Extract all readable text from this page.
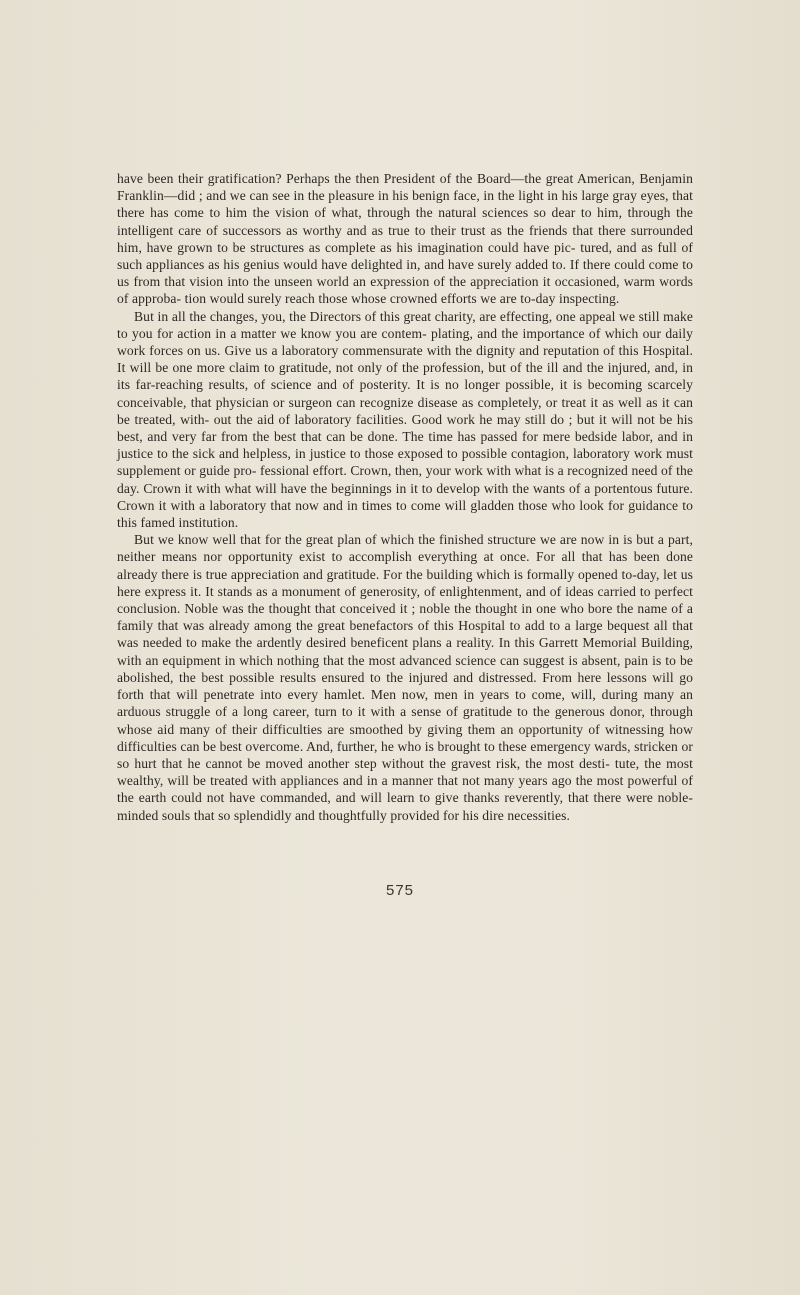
have been their gratification? Perhaps the then President of the Board—the great American, Benjamin Franklin—did ; and we can see in the pleasure in his benign face, in the light in his large gray eyes, that there has come to him the vision of what, through the natural sciences so dear to him, through the intelligent care of successors as worthy and as true to their trust as the friends that there surrounded him, have grown to be structures as complete as his imagination could have pic- tured, and as full of such appliances as his genius would have delighted in, and have surely added to. If there could come to us from that vision into the unseen world an expression of the appreciation it occasioned, warm words of approba- tion would surely reach those whose crowned efforts we are to-day inspecting.

But in all the changes, you, the Directors of this great charity, are effecting, one appeal we still make to you for action in a matter we know you are contem- plating, and the importance of which our daily work forces on us. Give us a laboratory commensurate with the dignity and reputation of this Hospital. It will be one more claim to gratitude, not only of the profession, but of the ill and the injured, and, in its far-reaching results, of science and of posterity. It is no longer possible, it is becoming scarcely conceivable, that physician or surgeon can recognize disease as completely, or treat it as well as it can be treated, with- out the aid of laboratory facilities. Good work he may still do ; but it will not be his best, and very far from the best that can be done. The time has passed for mere bedside labor, and in justice to the sick and helpless, in justice to those exposed to possible contagion, laboratory work must supplement or guide pro- fessional effort. Crown, then, your work with what is a recognized need of the day. Crown it with what will have the beginnings in it to develop with the wants of a portentous future. Crown it with a laboratory that now and in times to come will gladden those who look for guidance to this famed institution.

But we know well that for the great plan of which the finished structure we are now in is but a part, neither means nor opportunity exist to accomplish everything at once. For all that has been done already there is true appreciation and gratitude. For the building which is formally opened to-day, let us here express it. It stands as a monument of generosity, of enlightenment, and of ideas carried to perfect conclusion. Noble was the thought that conceived it ; noble the thought in one who bore the name of a family that was already among the great benefactors of this Hospital to add to a large bequest all that was needed to make the ardently desired beneficent plans a reality. In this Garrett Memorial Building, with an equipment in which nothing that the most advanced science can suggest is absent, pain is to be abolished, the best possible results ensured to the injured and distressed. From here lessons will go forth that will penetrate into every hamlet. Men now, men in years to come, will, during many an arduous struggle of a long career, turn to it with a sense of gratitude to the generous donor, through whose aid many of their difficulties are smoothed by giving them an opportunity of witnessing how difficulties can be best overcome. And, further, he who is brought to these emergency wards, stricken or so hurt that he cannot be moved another step without the gravest risk, the most desti- tute, the most wealthy, will be treated with appliances and in a manner that not many years ago the most powerful of the earth could not have commanded, and will learn to give thanks reverently, that there were noble-minded souls that so splendidly and thoughtfully provided for his dire necessities.

575
